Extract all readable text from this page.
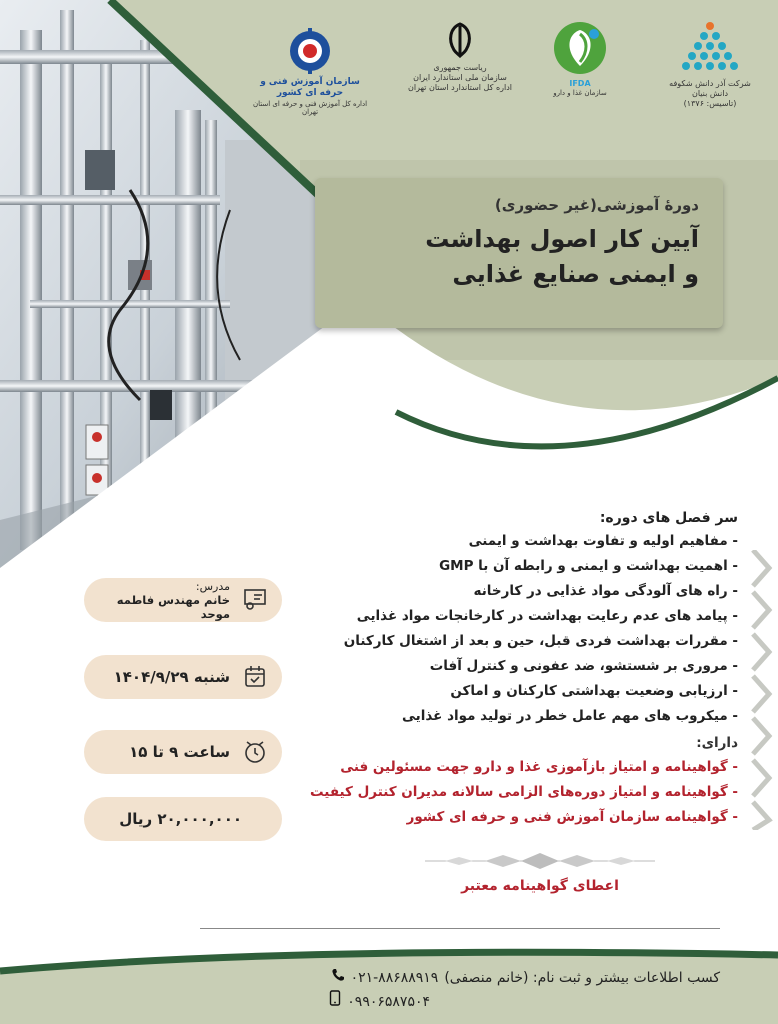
سازمان آموزش فنی و حرفه ای کشور
اداره کل آموزش فنی و حرفه ای استان تهران
ریاست جمهوری
سازمان ملی استاندارد ایران
اداره کل استاندارد استان تهران	IFDA
سازمان غذا و دارو
شرکت آذر دانش شکوفه
دانش بنیان
(تاسیس: ۱۳۷۶)
دورهٔ آموزشی(غیر حضوری)
آیین کار اصول بهداشت
و ایمنی صنایع غذایی
سر فصل های دوره:
- مفاهیم اولیه و تفاوت بهداشت و ایمنی
- اهمیت بهداشت و ایمنی و رابطه آن با GMP
- راه های آلودگی مواد غذایی در کارخانه
- پیامد های عدم رعایت بهداشت در کارخانجات مواد غذایی
- مقررات بهداشت فردی قبل، حین و بعد از اشتغال کارکنان
- مروری بر شستشو، ضد عفونی و کنترل آفات
- ارزیابی وضعیت بهداشتی کارکنان و اماکن
- میکروب های مهم عامل خطر در تولید مواد غذایی
دارای:
- گواهینامه و امتیاز بازآموزی غذا و دارو جهت مسئولین فنی
- گواهینامه و امتیاز دوره‌های الزامی سالانه مدیران کنترل کیفیت
- گواهینامه سازمان آموزش فنی و حرفه ای کشور
مدرس:
خانم مهندس فاطمه موحد
شنبه ۱۴۰۴/۹/۲۹
ساعت ۹ تا ۱۵
۲۰,۰۰۰,۰۰۰ ریال
اعطای گواهینامه معتبر
کسب اطلاعات بیشتر و ثبت نام: (خانم منصفی)
۰۲۱-۸۸۶۸۸۹۱۹
۰۹۹۰۶۵۸۷۵۰۴
